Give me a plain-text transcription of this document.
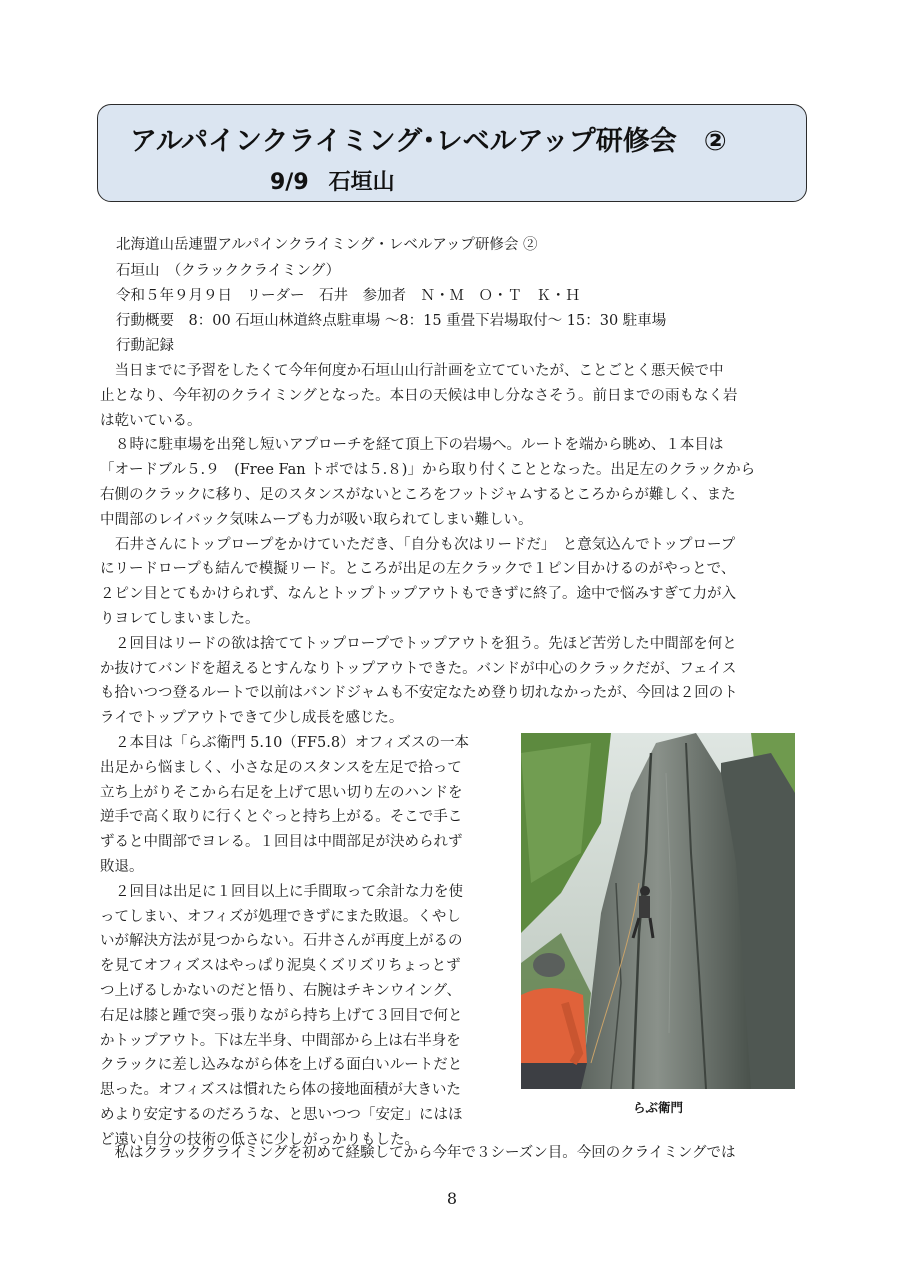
アルパインクライミング･レベルアップ研修会　②
9/9 石垣山
北海道山岳連盟アルパインクライミング・レベルアップ研修会 ②
石垣山　（クラッククライミング）
令和５年９月９日　リーダー　石井　参加者　Ｎ・Ｍ　Ｏ・Ｔ　Ｋ・Ｈ
行動概要　8：00 石垣山林道終点駐車場 〜8：15 重畳下岩場取付〜 15：30 駐車場
行動記録
　当日までに予習をしたくて今年何度か石垣山山行計画を立てていたが、ことごとく悪天候で中
止となり、今年初のクライミングとなった。本日の天候は申し分なさそう。前日までの雨もなく岩
は乾いている。
８時に駐車場を出発し短いアプローチを経て頂上下の岩場へ。ルートを端から眺め、１本目は
「オードブル５.９　(Free Fan トポでは５.８)」から取り付くこととなった。出足左のクラックから
右側のクラックに移り、足のスタンスがないところをフットジャムするところからが難しく、また
中間部のレイバック気味ムーブも力が吸い取られてしまい難しい。
石井さんにトップロープをかけていただき、「自分も次はリードだ」　と意気込んでトップロープ
にリードロープも結んで模擬リード。ところが出足の左クラックで１ピン目かけるのがやっとで、
２ピン目とてもかけられず、なんとトップトップアウトもできずに終了。途中で悩みすぎて力が入
りヨレてしまいました。
２回目はリードの欲は捨ててトップロープでトップアウトを狙う。先ほど苦労した中間部を何と
か抜けてバンドを超えるとすんなりトップアウトできた。バンドが中心のクラックだが、フェイス
も拾いつつ登るルートで以前はバンドジャムも不安定なため登り切れなかったが、今回は２回のト
ライでトップアウトできて少し成長を感じた。
２本目は「らぶ衛門 5.10（FF5.8）オフィズスの一本
出足から悩ましく、小さな足のスタンスを左足で拾って
立ち上がりそこから右足を上げて思い切り左のハンドを
逆手で高く取りに行くとぐっと持ち上がる。そこで手こ
ずると中間部でヨレる。１回目は中間部足が決められず
敗退。
２回目は出足に１回目以上に手間取って余計な力を使
ってしまい、オフィズが処理できずにまた敗退。くやし
いが解決方法が見つからない。石井さんが再度上がるの
を見てオフィズスはやっぱり泥臭くズリズリちょっとず
つ上げるしかないのだと悟り、右腕はチキンウイング、
右足は膝と踵で突っ張りながら持ち上げて３回目で何と
かトップアウト。下は左半身、中間部から上は右半身を
クラックに差し込みながら体を上げる面白いルートだと
思った。オフィズスは慣れたら体の接地面積が大きいた
めより安定するのだろうな、と思いつつ「安定」にはほ
ど遠い自分の技術の低さに少しがっかりもした。
　私はクラッククライミングを初めて経験してから今年で３シーズン目。今回のクライミングでは
らぶ衛門
8
